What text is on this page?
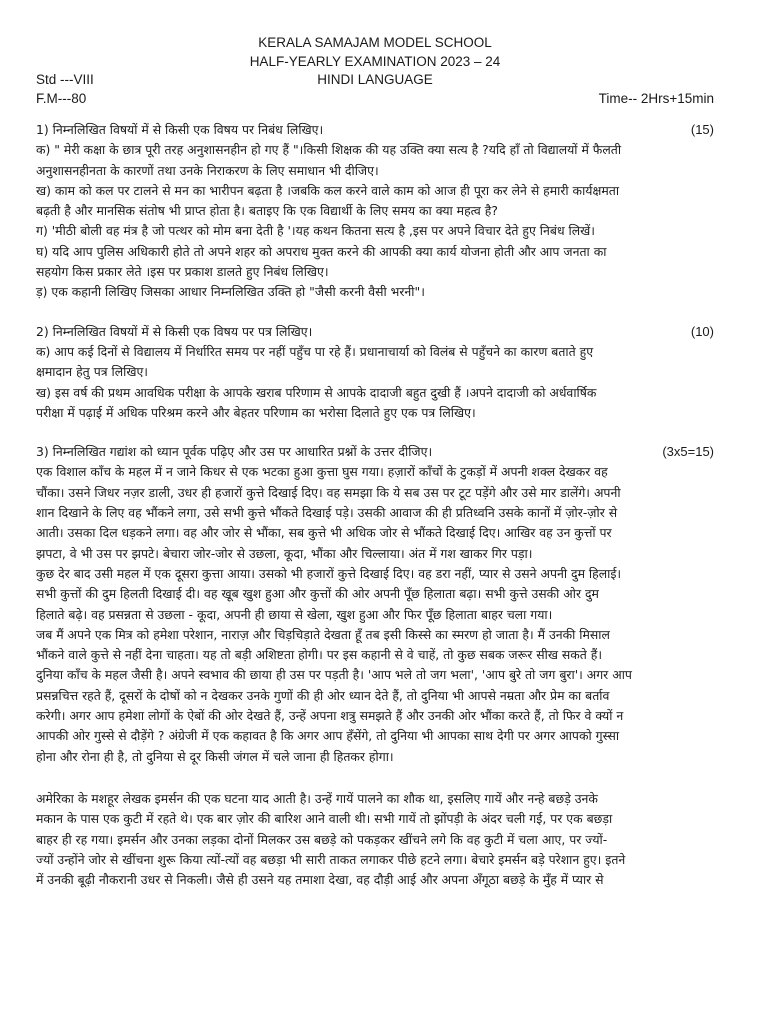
KERALA SAMAJAM MODEL SCHOOL
HALF-YEARLY EXAMINATION 2023 – 24
Std ---VIII	HINDI LANGUAGE
F.M---80	Time-- 2Hrs+15min
1) निम्नलिखित विषयों में से किसी एक विषय पर निबंध लिखिए।	(15)

क) " मेरी कक्षा के छात्र पूरी तरह अनुशासनहीन हो गए हैं "।किसी शिक्षक की यह उक्ति क्या सत्य है ?यदि हाँ तो विद्यालयों में फैलती

अनुशासनहीनता के कारणों तथा उनके निराकरण के लिए समाधान भी दीजिए।

ख) काम को कल पर टालने से मन का भारीपन बढ़ता है ।जबकि कल करने वाले काम को आज ही पूरा कर लेने से हमारी कार्यक्षमता

बढ़ती है और मानसिक संतोष भी प्राप्त होता है। बताइए कि एक विद्यार्थी के लिए समय का क्या महत्व है?

ग) 'मीठी बोली वह मंत्र है जो पत्थर को मोम बना देती है '।यह कथन कितना सत्य है ,इस पर अपने विचार देते हुए निबंध लिखें।

घ) यदि आप पुलिस अधिकारी होते तो अपने शहर को अपराध मुक्त करने की आपकी क्या कार्य योजना होती और आप जनता का

सहयोग किस प्रकार लेते ।इस पर प्रकाश डालते हुए निबंध लिखिए।

ड़) एक कहानी लिखिए जिसका आधार निम्नलिखित उक्ति हो "जैसी करनी वैसी भरनी"।

2) निम्नलिखित विषयों में से किसी एक विषय पर पत्र लिखिए।	(10)

क) आप कई दिनों से विद्यालय में निर्धारित समय पर नहीं पहुँच पा रहे हैं। प्रधानाचार्या को विलंब से पहुँचने का कारण बताते हुए

क्षमादान हेतु पत्र लिखिए।

ख) इस वर्ष की प्रथम आवधिक परीक्षा के आपके खराब परिणाम से आपके दादाजी बहुत दुखी हैं ।अपने दादाजी को अर्धवार्षिक

परीक्षा में पढ़ाई में अधिक परिश्रम करने और बेहतर परिणाम का भरोसा दिलाते हुए एक पत्र लिखिए।

3) निम्नलिखित गद्यांश को ध्यान पूर्वक पढ़िए और उस पर आधारित प्रश्नों के उत्तर दीजिए।	(3x5=15)

एक विशाल काँच के महल में न जाने किधर से एक भटका हुआ कुत्ता घुस गया। हज़ारों काँचों के टुकड़ों में अपनी शक्ल देखकर वह

चौंका। उसने जिधर नज़र डाली, उधर ही हजारों कुत्ते दिखाई दिए। वह समझा कि ये सब उस पर टूट पड़ेंगे और उसे मार डालेंगे। अपनी

शान दिखाने के लिए वह भौंकने लगा, उसे सभी कुत्ते भौंकते दिखाई पड़े। उसकी आवाज की ही प्रतिध्वनि उसके कानों में ज़ोर-ज़ोर से

आती। उसका दिल धड़कने लगा। वह और जोर से भौंका, सब कुत्ते भी अधिक जोर से भौंकते दिखाई दिए। आखिर वह उन कुत्तों पर

झपटा, वे भी उस पर झपटे। बेचारा जोर-जोर से उछला, कूदा, भौंका और चिल्लाया। अंत में गश खाकर गिर पड़ा।

कुछ देर बाद उसी महल में एक दूसरा कुत्ता आया। उसको भी हजारों कुत्ते दिखाई दिए। वह डरा नहीं, प्यार से उसने अपनी दुम हिलाई।

सभी कुत्तों की दुम हिलती दिखाई दी। वह खूब खुश हुआ और कुत्तों की ओर अपनी पूँछ हिलाता बढ़ा। सभी कुत्ते उसकी ओर दुम

हिलाते बढ़े। वह प्रसन्नता से उछला - कूदा, अपनी ही छाया से खेला, खुश हुआ और फिर पूँछ हिलाता बाहर चला गया।

जब मैं अपने एक मित्र को हमेशा परेशान, नाराज़ और चिड़चिड़ाते देखता हूँ तब इसी किस्से का स्मरण हो जाता है। मैं उनकी मिसाल

भौंकने वाले कुत्ते से नहीं देना चाहता। यह तो बड़ी अशिष्टता होगी। पर इस कहानी से वे चाहें, तो कुछ सबक जरूर सीख सकते हैं।

दुनिया काँच के महल जैसी है। अपने स्वभाव की छाया ही उस पर पड़ती है। 'आप भले तो जग भला', 'आप बुरे तो जग बुरा'। अगर आप

प्रसन्नचित्त रहते हैं, दूसरों के दोषों को न देखकर उनके गुणों की ही ओर ध्यान देते हैं, तो दुनिया भी आपसे नम्रता और प्रेम का बर्ताव

करेगी। अगर आप हमेशा लोगों के ऐबों की ओर देखते हैं, उन्हें अपना शत्रु समझते हैं और उनकी ओर भौंका करते हैं, तो फिर वे क्यों न

आपकी ओर गुस्से से दौड़ेंगे ? अंग्रेजी में एक कहावत है कि अगर आप हँसेंगे, तो दुनिया भी आपका साथ देगी पर अगर आपको गुस्सा

होना और रोना ही है, तो दुनिया से दूर किसी जंगल में चले जाना ही हितकर होगा।

अमेरिका के मशहूर लेखक इमर्सन की एक घटना याद आती है। उन्हें गायें पालने का शौक था, इसलिए गायें और नन्हे बछड़े उनके

मकान के पास एक कुटी में रहते थे। एक बार ज़ोर की बारिश आने वाली थी। सभी गायें तो झोंपड़ी के अंदर चली गई, पर एक बछड़ा

बाहर ही रह गया। इमर्सन और उनका लड़का दोनों मिलकर उस बछड़े को पकड़कर खींचने लगे कि वह कुटी में चला आए, पर ज्यों-

ज्यों उन्होंने जोर से खींचना शुरू किया त्यों-त्यों वह बछड़ा भी सारी ताकत लगाकर पीछे हटने लगा। बेचारे इमर्सन बड़े परेशान हुए। इतने

में उनकी बूढ़ी नौकरानी उधर से निकली। जैसे ही उसने यह तमाशा देखा, वह दौड़ी आई और अपना अँगूठा बछड़े के मुँह में प्यार से
